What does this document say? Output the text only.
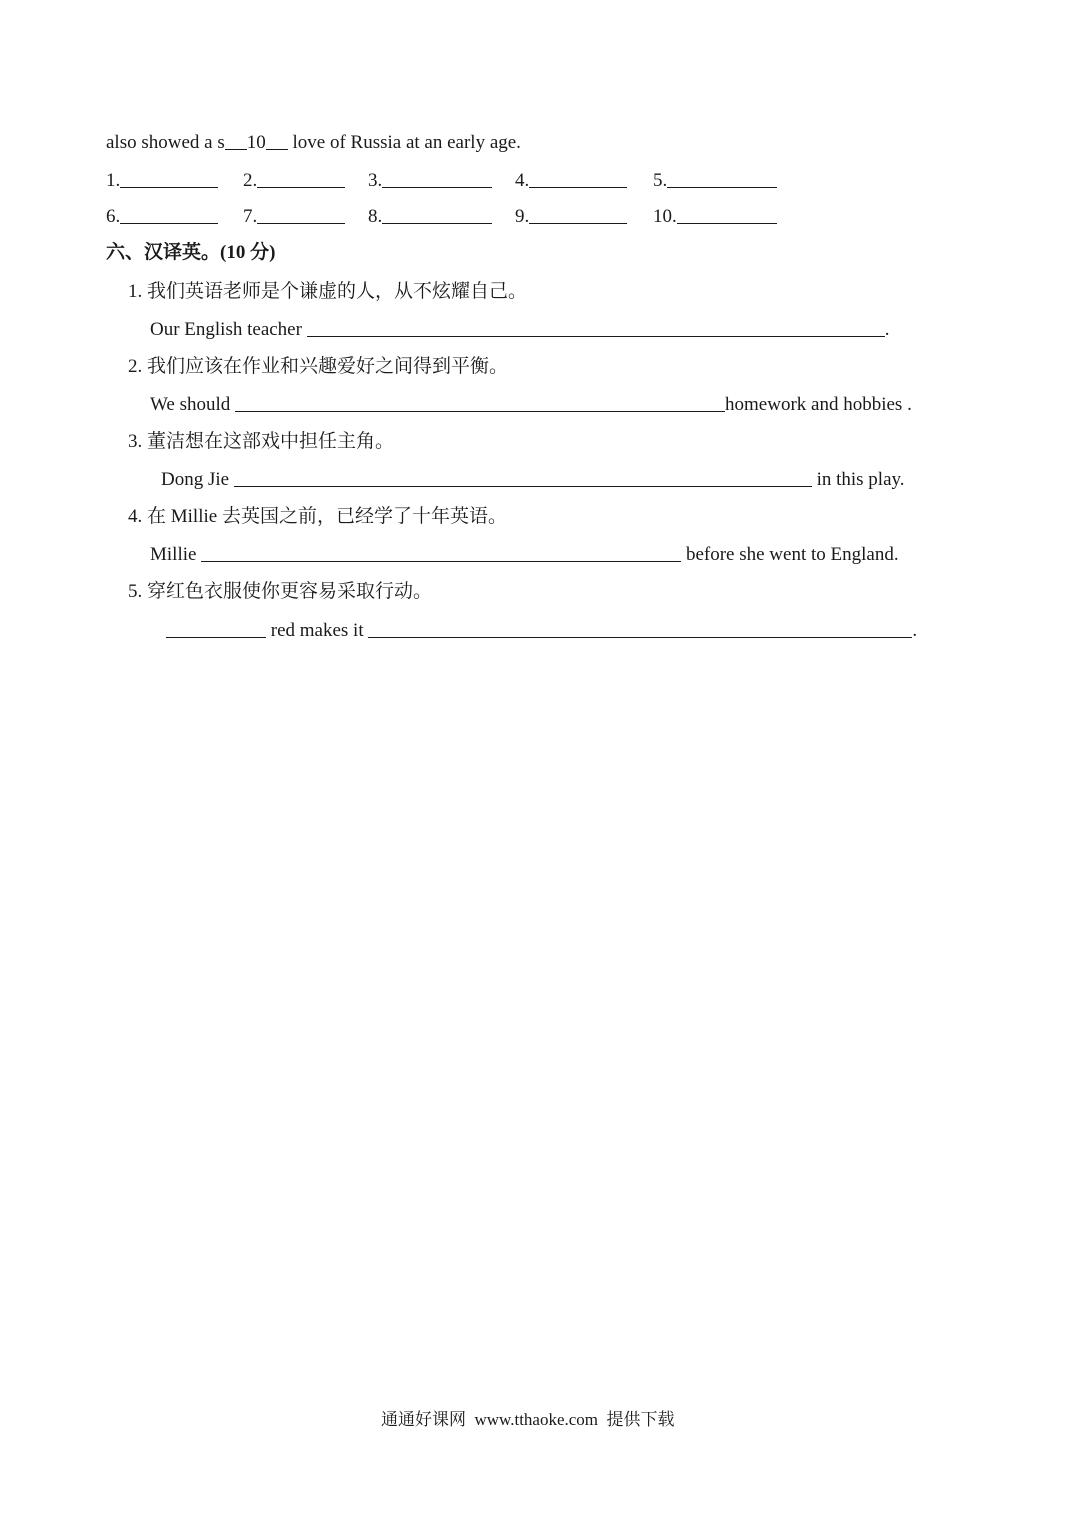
also showed a s 10 love of Russia at an early age.
1.	2.	3.	4.	5.
6.	7.	8.	9.	10.
六、汉译英。(10 分)
1. 我们英语老师是个谦虚的人，从不炫耀自己。
Our English teacher	.
2. 我们应该在作业和兴趣爱好之间得到平衡。
We should	homework and hobbies .
3. 董洁想在这部戏中担任主角。
Dong Jie	in this play.
4. 在 Millie 去英国之前，已经学了十年英语。
Millie	before she went to England.
5. 穿红色衣服使你更容易采取行动。
red makes it	.
通通好课网  www.tthaoke.com  提供下载
